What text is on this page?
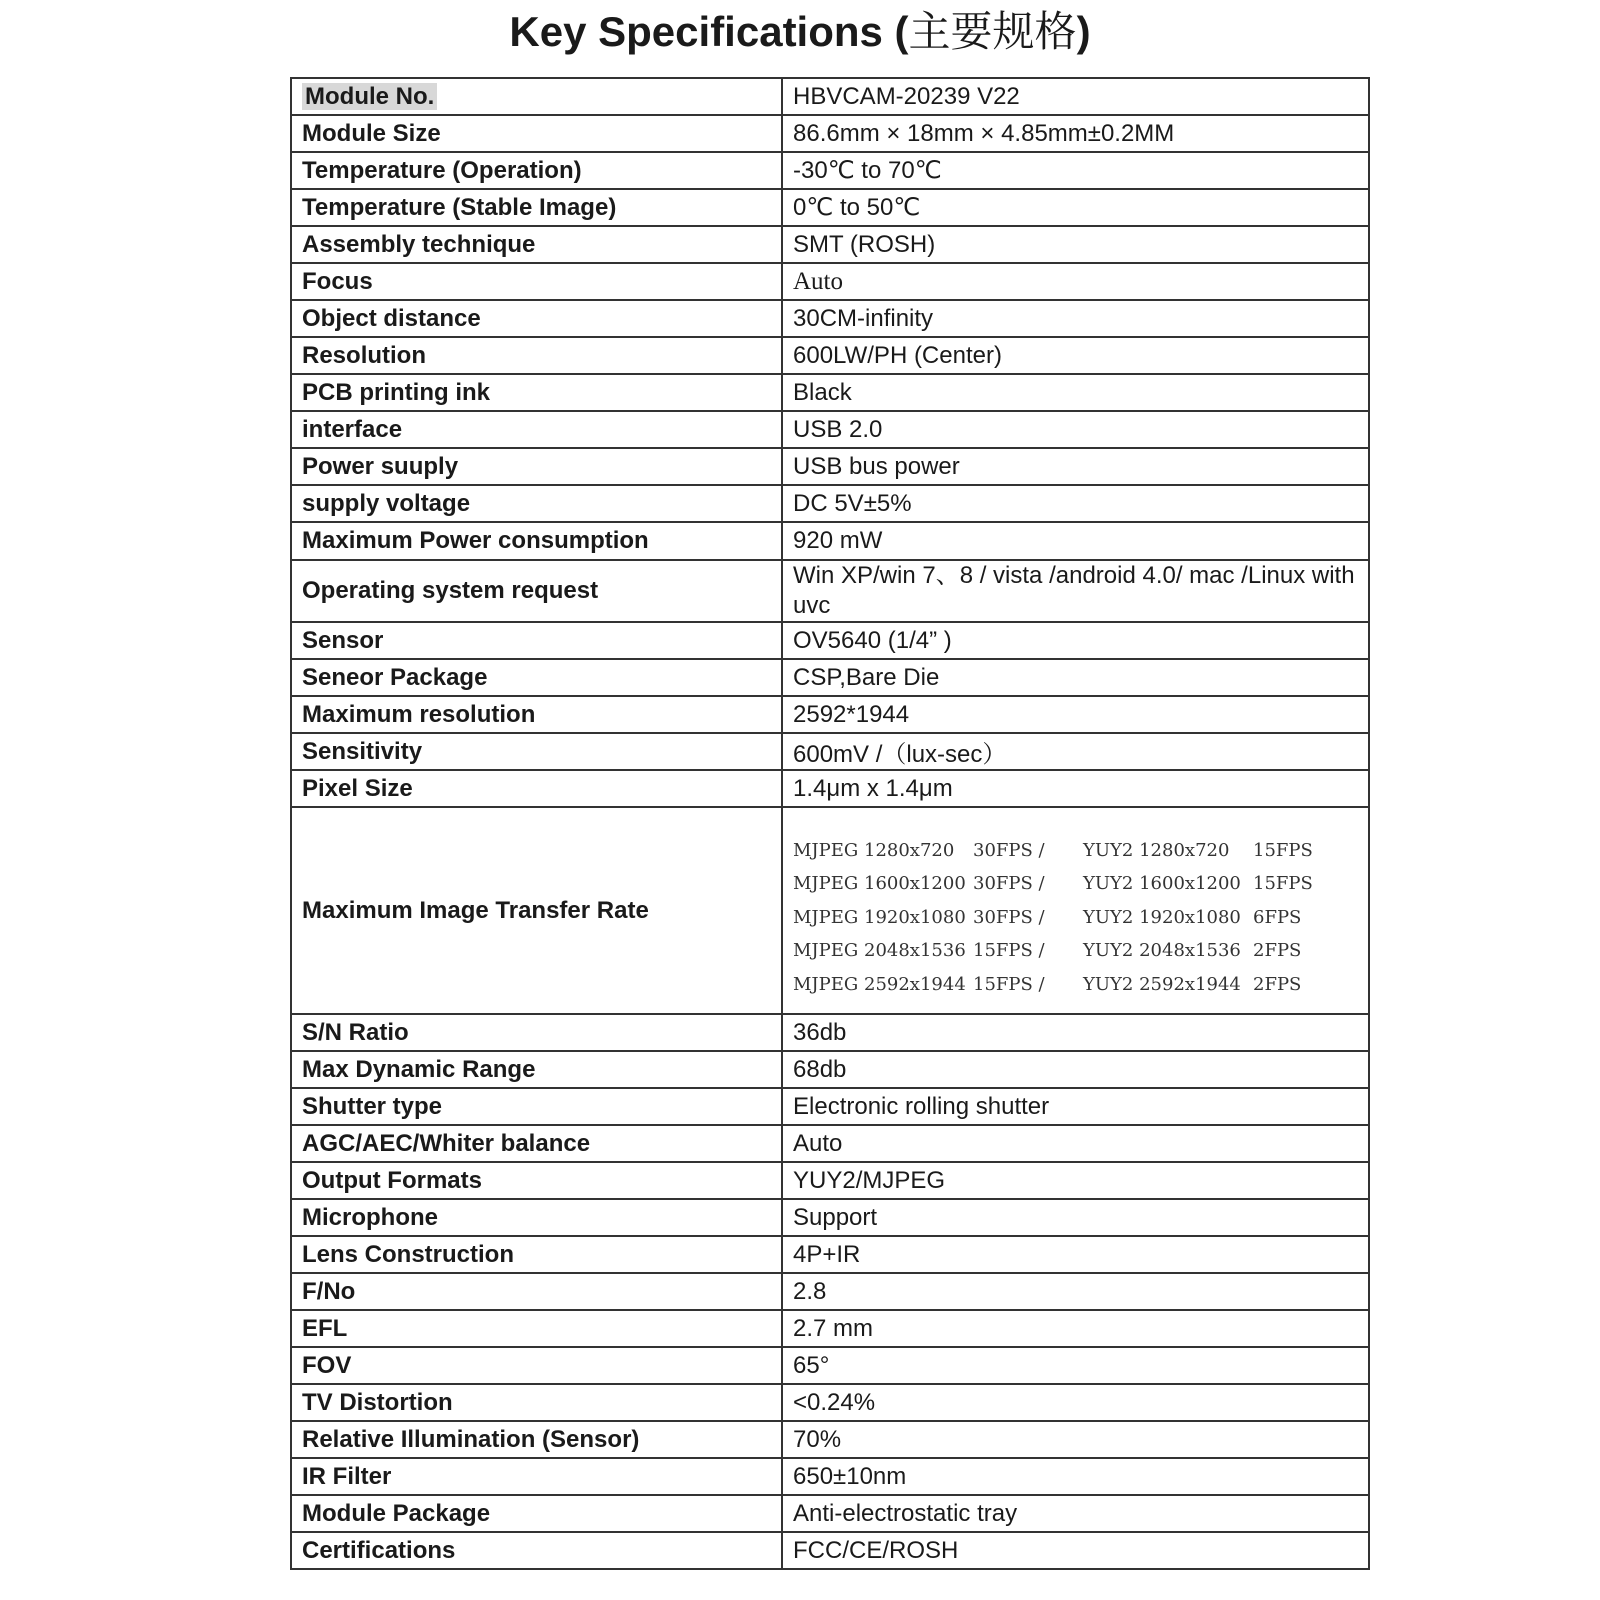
Key Specifications (主要规格)
Module No.	HBVCAM-20239 V22

Module Size	86.6mm × 18mm × 4.85mm±0.2MM

Temperature (Operation)	-30℃ to 70℃

Temperature (Stable Image)	0℃ to 50℃

Assembly technique	SMT (ROSH)

Focus	Auto

Object distance	30CM-infinity

Resolution	600LW/PH (Center)

PCB printing ink	Black

interface	USB 2.0

Power suuply	USB bus power

supply voltage	DC 5V±5%

Maximum Power consumption	920 mW

Operating system request	Win XP/win 7、8 / vista /android 4.0/ mac /Linux with uvc

Sensor	OV5640 (1/4” )

Seneor Package	CSP,Bare Die

Maximum resolution	2592*1944

Sensitivity	600mV /（lux-sec）

Pixel Size	1.4μm x 1.4μm

Maximum Image Transfer Rate	MJPEG 1280x720 30FPS / YUY2 1280x720 15FPS
MJPEG 1600x1200 30FPS / YUY2 1600x1200 15FPS
MJPEG 1920x1080 30FPS / YUY2 1920x1080 6FPS
MJPEG 2048x1536 15FPS / YUY2 2048x1536 2FPS
MJPEG 2592x1944 15FPS / YUY2 2592x1944 2FPS

S/N Ratio	36db

Max Dynamic Range	68db

Shutter type	Electronic rolling shutter

AGC/AEC/Whiter balance	Auto

Output Formats	YUY2/MJPEG

Microphone	Support

Lens Construction	4P+IR

F/No	2.8

EFL	2.7 mm

FOV	65°

TV Distortion	<0.24%

Relative Illumination (Sensor)	70%

IR Filter	650±10nm

Module Package	Anti-electrostatic tray

Certifications	FCC/CE/ROSH
